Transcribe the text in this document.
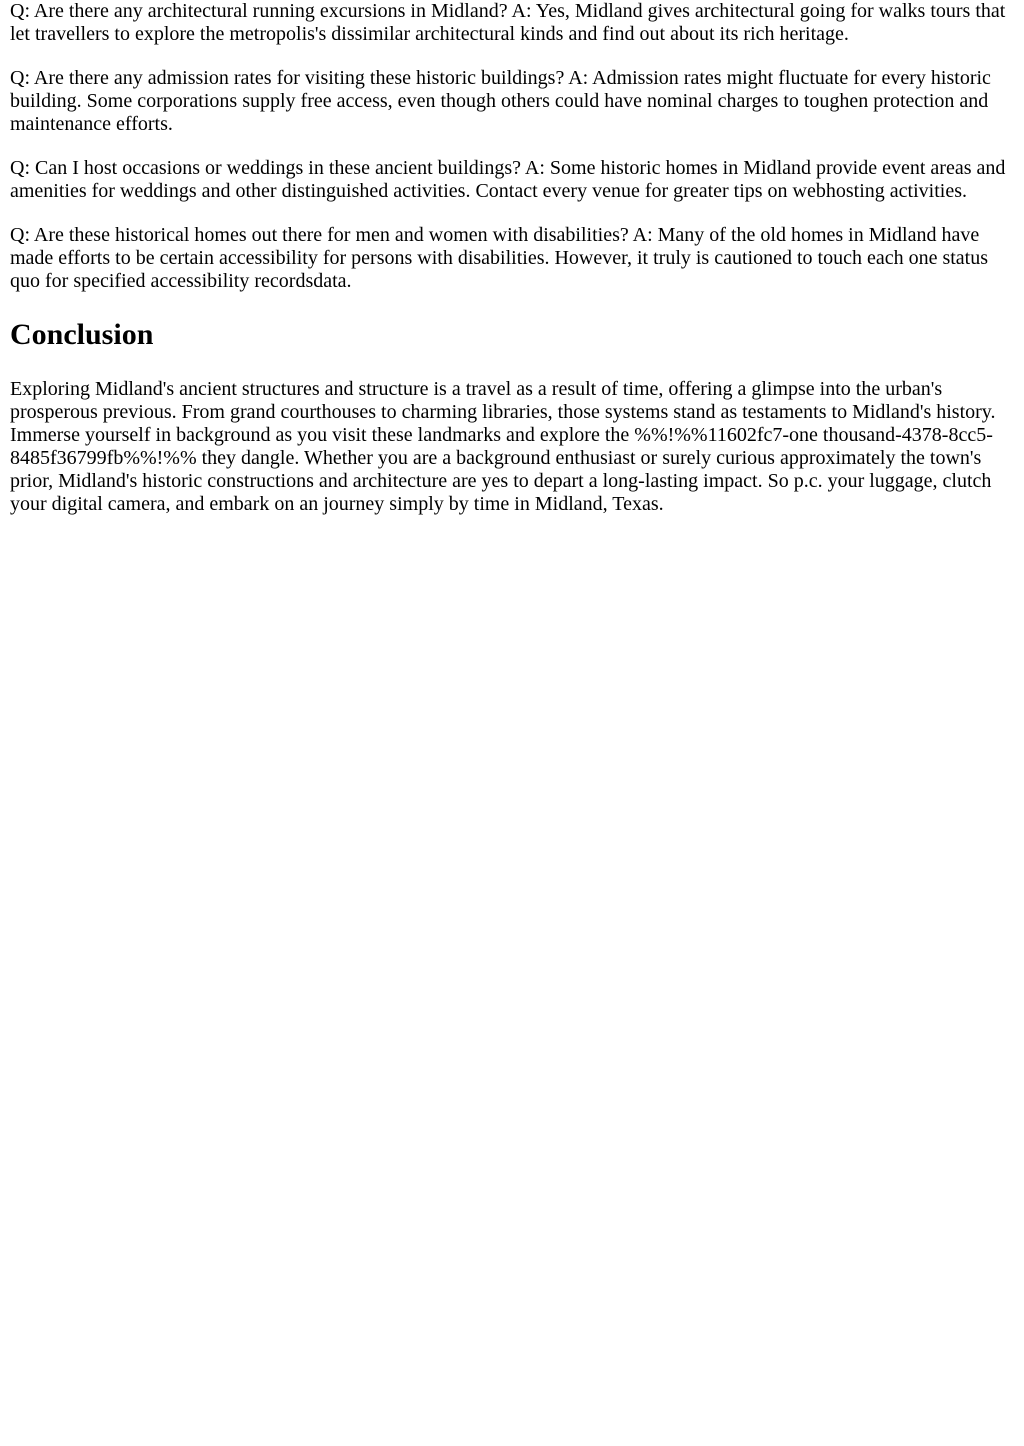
Q: Are there any architectural running excursions in Midland? A: Yes, Midland gives architectural going for walks tours that let travellers to explore the metropolis's dissimilar architectural kinds and find out about its rich heritage.

Q: Are there any admission rates for visiting these historic buildings? A: Admission rates might fluctuate for every historic building. Some corporations supply free access, even though others could have nominal charges to toughen protection and maintenance efforts.

Q: Can I host occasions or weddings in these ancient buildings? A: Some historic homes in Midland provide event areas and amenities for weddings and other distinguished activities. Contact every venue for greater tips on webhosting activities.

Q: Are these historical homes out there for men and women with disabilities? A: Many of the old homes in Midland have made efforts to be certain accessibility for persons with disabilities. However, it truly is cautioned to touch each one status quo for specified accessibility recordsdata.

Conclusion

Exploring Midland's ancient structures and structure is a travel as a result of time, offering a glimpse into the urban's prosperous previous. From grand courthouses to charming libraries, those systems stand as testaments to Midland's history. Immerse yourself in background as you visit these landmarks and explore the %%!%%11602fc7-one thousand-4378-8cc5-8485f36799fb%%!%% they dangle. Whether you are a background enthusiast or surely curious approximately the town's prior, Midland's historic constructions and architecture are yes to depart a long-lasting impact. So p.c. your luggage, clutch your digital camera, and embark on an journey simply by time in Midland, Texas.
